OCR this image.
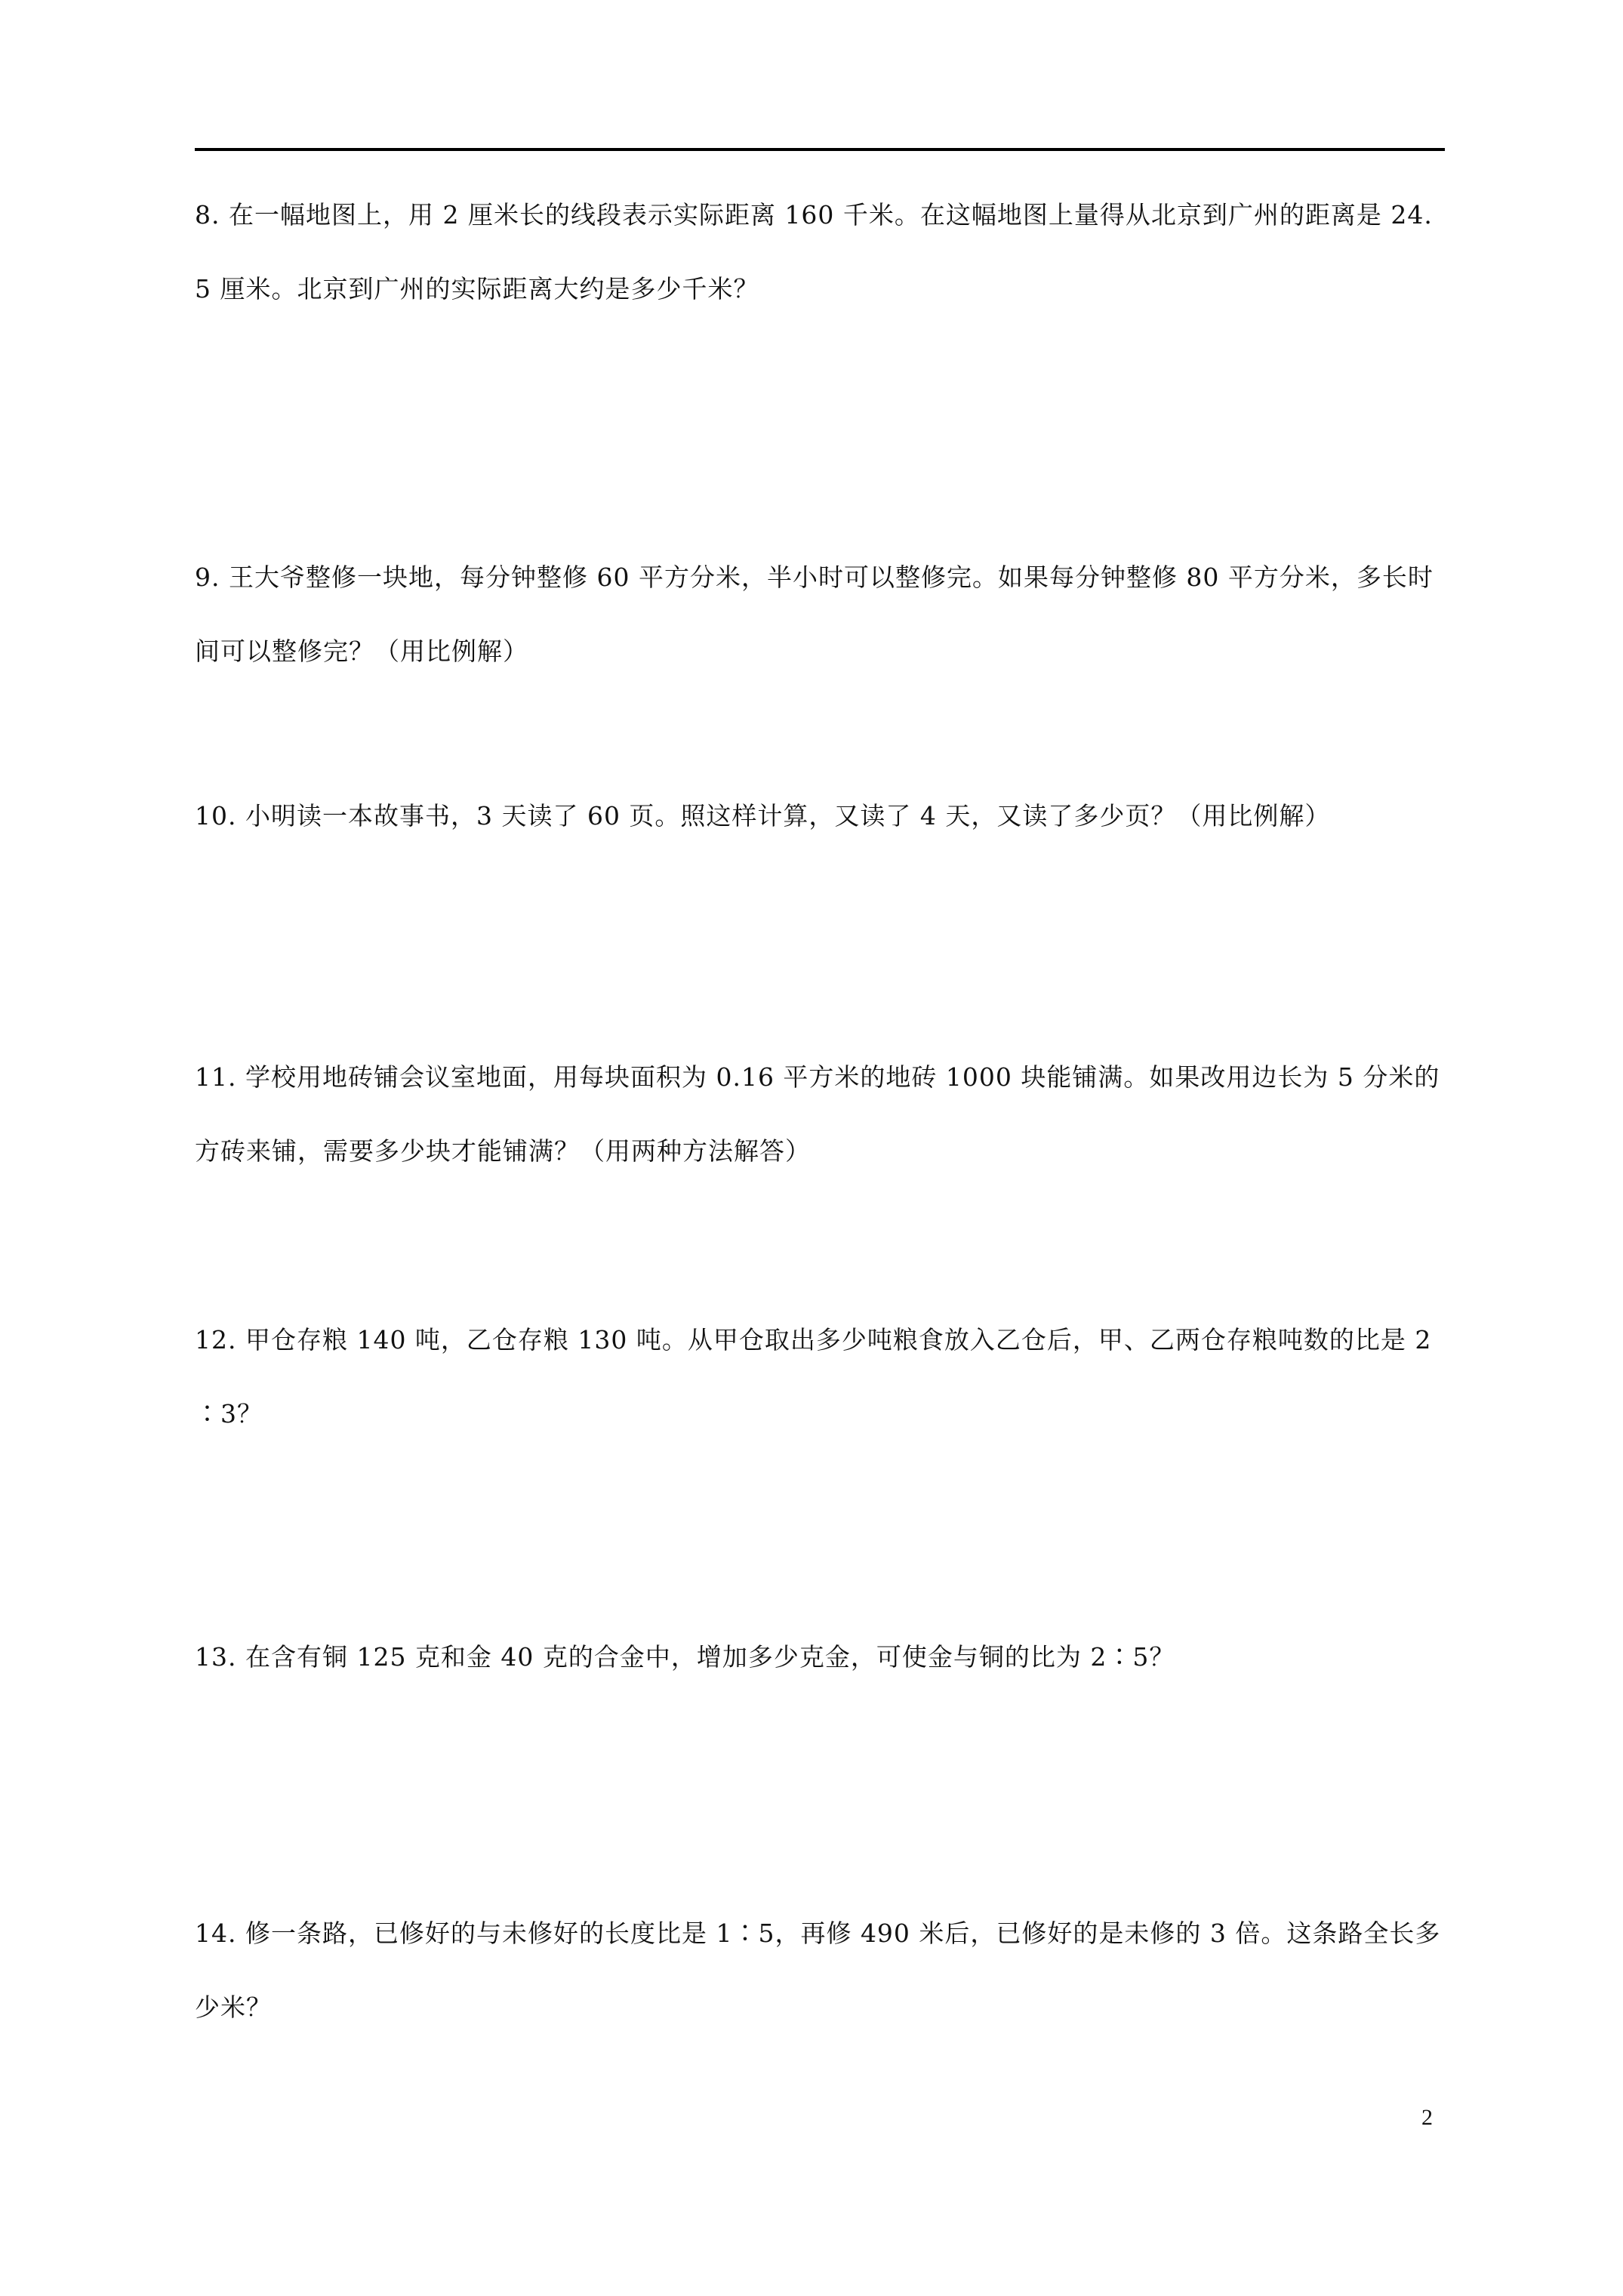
8. 在一幅地图上，用 2 厘米长的线段表示实际距离 160 千米。在这幅地图上量得从北京到广州的距离是 24.5 厘米。北京到广州的实际距离大约是多少千米？
9. 王大爷整修一块地，每分钟整修 60 平方分米，半小时可以整修完。如果每分钟整修 80 平方分米，多长时间可以整修完？（用比例解）
10. 小明读一本故事书，3 天读了 60 页。照这样计算，又读了 4 天，又读了多少页？（用比例解）
11. 学校用地砖铺会议室地面，用每块面积为 0.16 平方米的地砖 1000 块能铺满。如果改用边长为 5 分米的方砖来铺，需要多少块才能铺满？（用两种方法解答）
12. 甲仓存粮 140 吨，乙仓存粮 130 吨。从甲仓取出多少吨粮食放入乙仓后，甲、乙两仓存粮吨数的比是 2∶3？
13. 在含有铜 125 克和金 40 克的合金中，增加多少克金，可使金与铜的比为 2∶5？
14. 修一条路，已修好的与未修好的长度比是 1∶5，再修 490 米后，已修好的是未修的 3 倍。这条路全长多少米？
2
